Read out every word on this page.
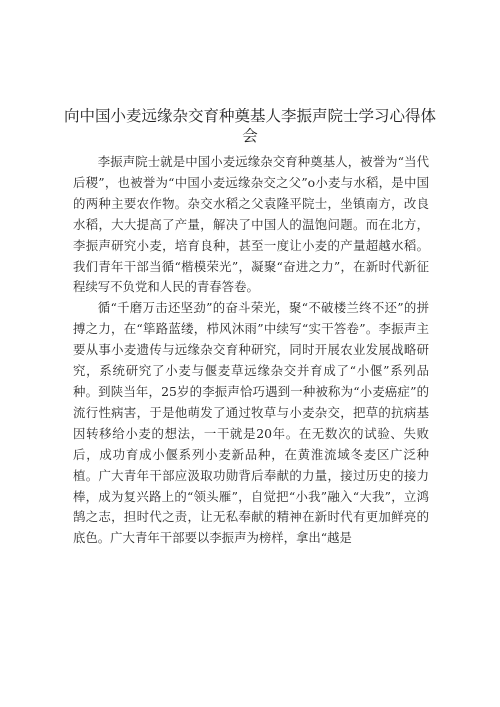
向中国小麦远缘杂交育种奠基人李振声院士学习心得体会

李振声院士就是中国小麦远缘杂交育种奠基人，被誉为“当代后稷”，也被誉为“中国小麦远缘杂交之父”o小麦与水稻，是中国的两种主要农作物。杂交水稻之父袁隆平院士，坐镇南方，改良水稻，大大提高了产量，解决了中国人的温饱问题。而在北方，李振声研究小麦，培育良种，甚至一度让小麦的产量超越水稻。我们青年干部当循“楷模荣光”，凝聚“奋进之力”，在新时代新征程续写不负党和人民的青春答卷。

循“千磨万击还坚劲”的奋斗荣光，聚“不破楼兰终不还”的拼搏之力，在“筚路蓝缕，栉风沐雨”中续写“实干答卷”。李振声主要从事小麦遗传与远缘杂交育种研究，同时开展农业发展战略研究，系统研究了小麦与偃麦草远缘杂交并育成了“小偃”系列品种。到陕当年，25岁的李振声恰巧遇到一种被称为“小麦癌症”的流行性病害，于是他萌发了通过牧草与小麦杂交，把草的抗病基因转移给小麦的想法，一干就是20年。在无数次的试验、失败后，成功育成小偃系列小麦新品种，在黄淮流域冬麦区广泛种植。广大青年干部应汲取功勋背后奉献的力量，接过历史的接力棒，成为复兴路上的“领头雁”，自觉把“小我”融入“大我”，立鸿鹄之志，担时代之责，让无私奉献的精神在新时代有更加鲜亮的底色。广大青年干部要以李振声为榜样，拿出“越是
